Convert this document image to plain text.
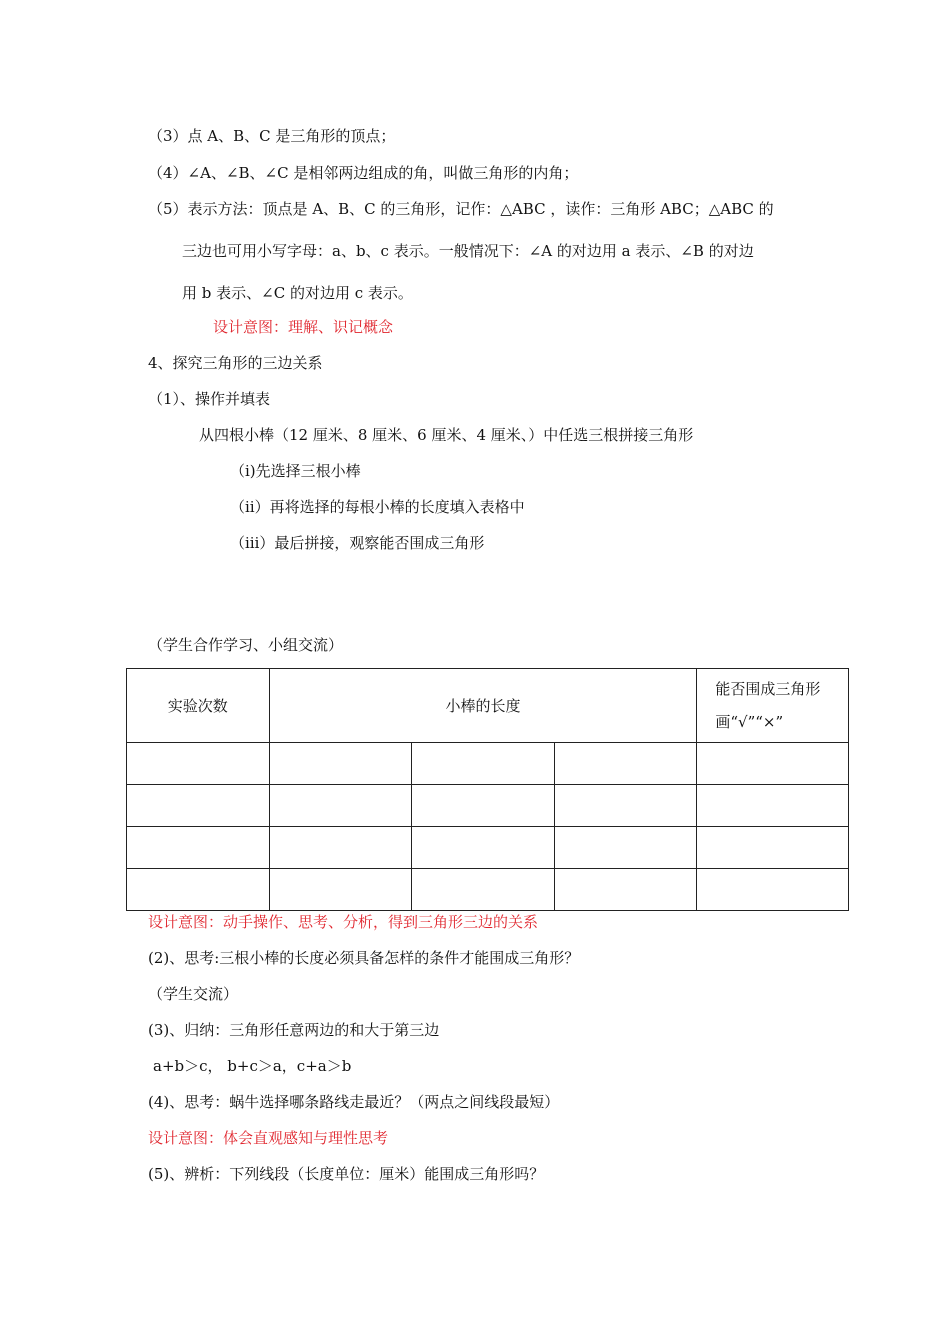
（3）点 A、B、C 是三角形的顶点；
（4）∠A、∠B、∠C 是相邻两边组成的角，叫做三角形的内角；
（5）表示方法：顶点是 A、B、C 的三角形，记作：△ABC ，读作：三角形 ABC；△ABC 的
三边也可用小写字母：a、b、c 表示。一般情况下：∠A 的对边用 a 表示、∠B 的对边
用 b 表示、∠C 的对边用 c 表示。
设计意图：理解、识记概念
4、探究三角形的三边关系
（1）、操作并填表
从四根小棒（12 厘米、8 厘米、6 厘米、4 厘米、）中任选三根拼接三角形
（ⅰ)先选择三根小棒
（ⅱ）再将选择的每根小棒的长度填入表格中
（ⅲ）最后拼接，观察能否围成三角形
（学生合作学习、小组交流）
实验次数	小棒的长度			能否围成三角形
画“√”“×”

设计意图：动手操作、思考、分析，得到三角形三边的关系
(2)、思考:三根小棒的长度必须具备怎样的条件才能围成三角形？
（学生交流）
(3)、归纳：三角形任意两边的和大于第三边
a+b＞c， b+c＞a，c+a＞b
(4)、思考：蜗牛选择哪条路线走最近？（两点之间线段最短）
设计意图：体会直观感知与理性思考
(5)、辨析：下列线段（长度单位：厘米）能围成三角形吗？
